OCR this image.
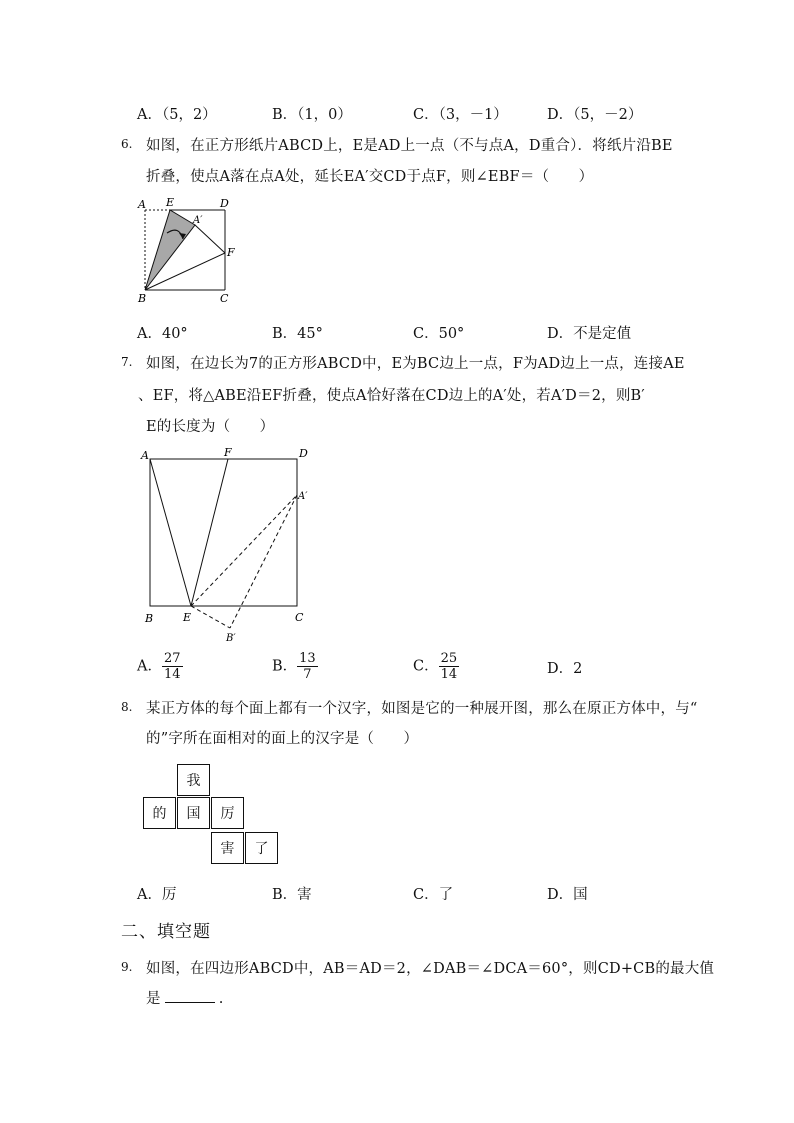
A．（5，2）	B．（1，0）	C．（3，－1）	D．（5，－2）
6. 如图，在正方形纸片ABCD上，E是AD上一点（不与点A，D重合）．将纸片沿BE
折叠，使点A落在点A处，延长EA′交CD于点F，则∠EBF＝（　　）
A E	D
A′
F
B	C
A．40°	B．45°	C．50°	D．不是定值
7. 如图，在边长为7的正方形ABCD中，E为BC边上一点，F为AD边上一点，连接AE
、EF，将△ABE沿EF折叠，使点A恰好落在CD边上的A′处，若A′D＝2，则B′
E的长度为（　　）
A	F	D
A′
B	E	C
B′
A． $\frac{27}{14}$	B． $\frac{13}{7}$	C． $\frac{25}{14}$	D．2
8. 某正方体的每个面上都有一个汉字，如图是它的一种展开图，那么在原正方体中，与“
的”字所在面相对的面上的汉字是（　　）
我
的	国	厉
害	了
A．厉	B．害	C．了	D．国
二、填空题
9. 如图，在四边形ABCD中，AB＝AD＝2，∠DAB＝∠DCA＝60°，则CD+CB的最大值
是	.
